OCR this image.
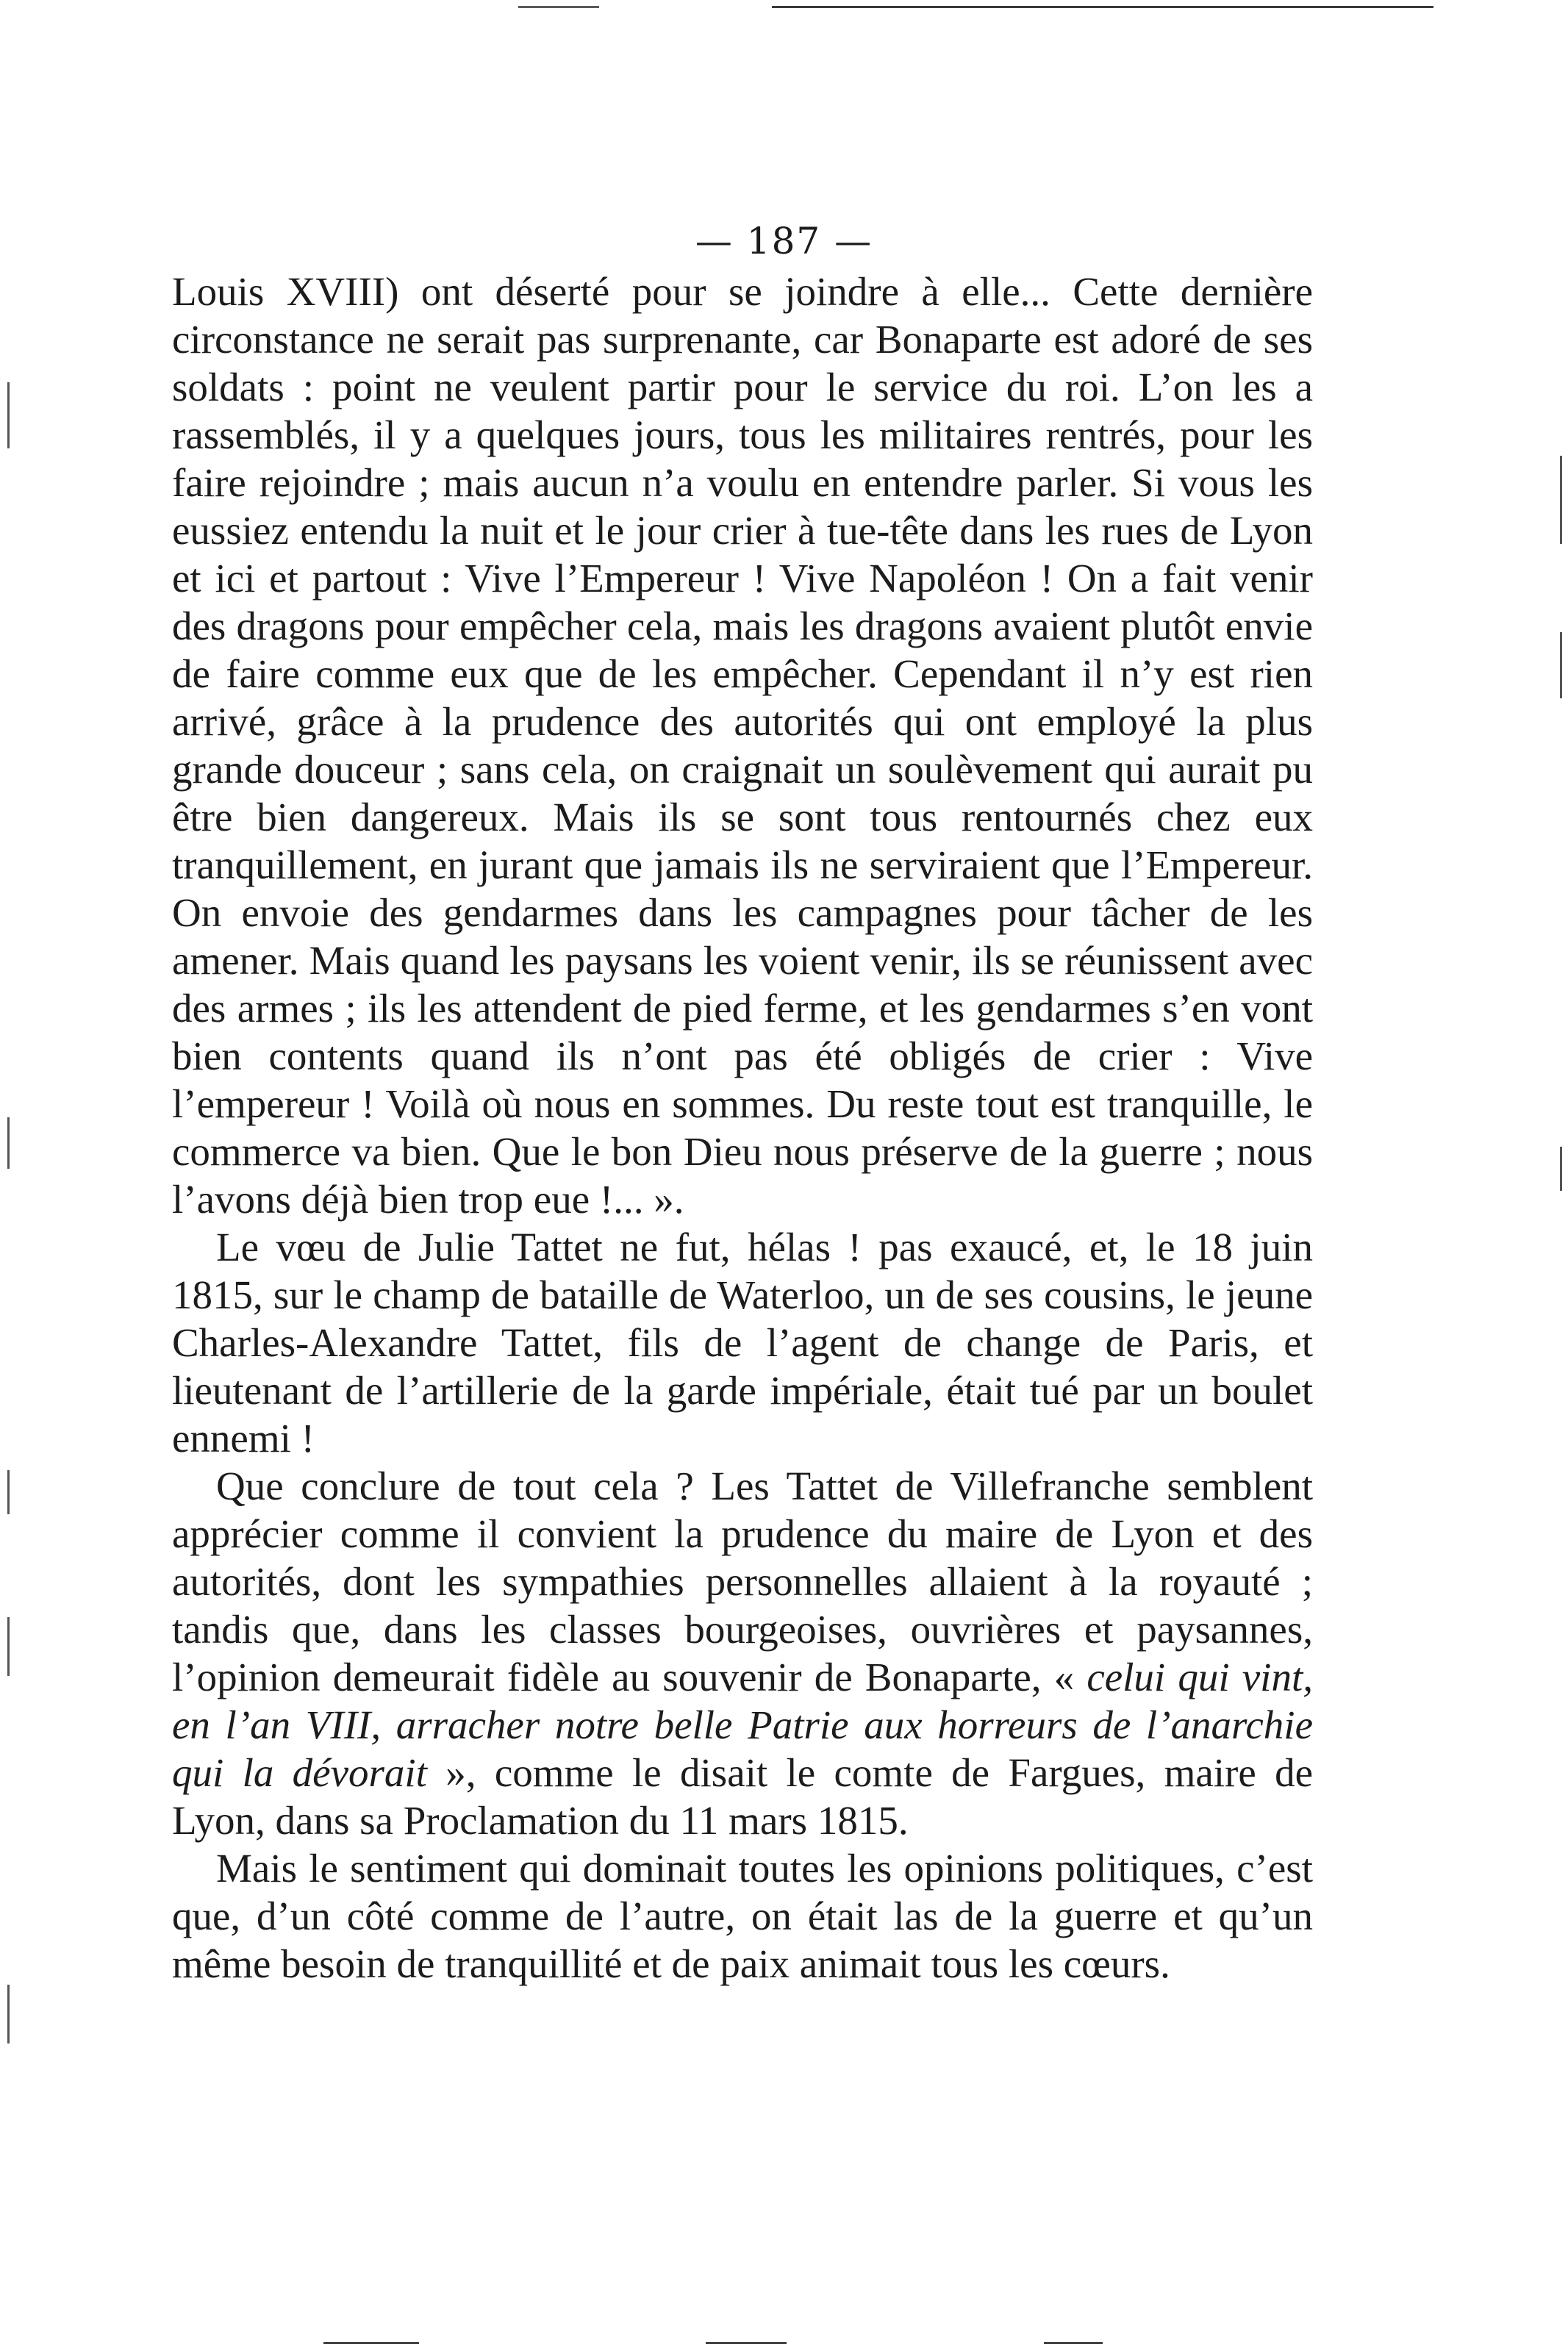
— 187 —

Louis XVIII) ont déserté pour se joindre à elle... Cette dernière circonstance ne serait pas surprenante, car Bonaparte est adoré de ses soldats : point ne veulent partir pour le service du roi. L’on les a rassemblés, il y a quelques jours, tous les militaires rentrés, pour les faire rejoindre ; mais aucun n’a voulu en entendre parler. Si vous les eussiez entendu la nuit et le jour crier à tue-tête dans les rues de Lyon et ici et partout : Vive l’Empereur ! Vive Napoléon ! On a fait venir des dragons pour empêcher cela, mais les dragons avaient plutôt envie de faire comme eux que de les empêcher. Cependant il n’y est rien arrivé, grâce à la prudence des autorités qui ont employé la plus grande douceur ; sans cela, on craignait un soulèvement qui aurait pu être bien dangereux. Mais ils se sont tous rentournés chez eux tranquillement, en jurant que jamais ils ne serviraient que l’Empereur. On envoie des gendarmes dans les campagnes pour tâcher de les amener. Mais quand les paysans les voient venir, ils se réunissent avec des armes ; ils les attendent de pied ferme, et les gendarmes s’en vont bien contents quand ils n’ont pas été obligés de crier : Vive l’empereur ! Voilà où nous en sommes. Du reste tout est tranquille, le commerce va bien. Que le bon Dieu nous préserve de la guerre ; nous l’avons déjà bien trop eue !... ».

Le vœu de Julie Tattet ne fut, hélas ! pas exaucé, et, le 18 juin 1815, sur le champ de bataille de Waterloo, un de ses cousins, le jeune Charles-Alexandre Tattet, fils de l’agent de change de Paris, et lieutenant de l’artillerie de la garde impériale, était tué par un boulet ennemi !

Que conclure de tout cela ? Les Tattet de Villefranche semblent apprécier comme il convient la prudence du maire de Lyon et des autorités, dont les sympathies personnelles allaient à la royauté ; tandis que, dans les classes bourgeoises, ouvrières et paysannes, l’opinion demeurait fidèle au souvenir de Bonaparte, « celui qui vint, en l’an VIII, arracher notre belle Patrie aux horreurs de l’anarchie qui la dévorait », comme le disait le comte de Fargues, maire de Lyon, dans sa Proclamation du 11 mars 1815.

Mais le sentiment qui dominait toutes les opinions politiques, c’est que, d’un côté comme de l’autre, on était las de la guerre et qu’un même besoin de tranquillité et de paix animait tous les cœurs.
